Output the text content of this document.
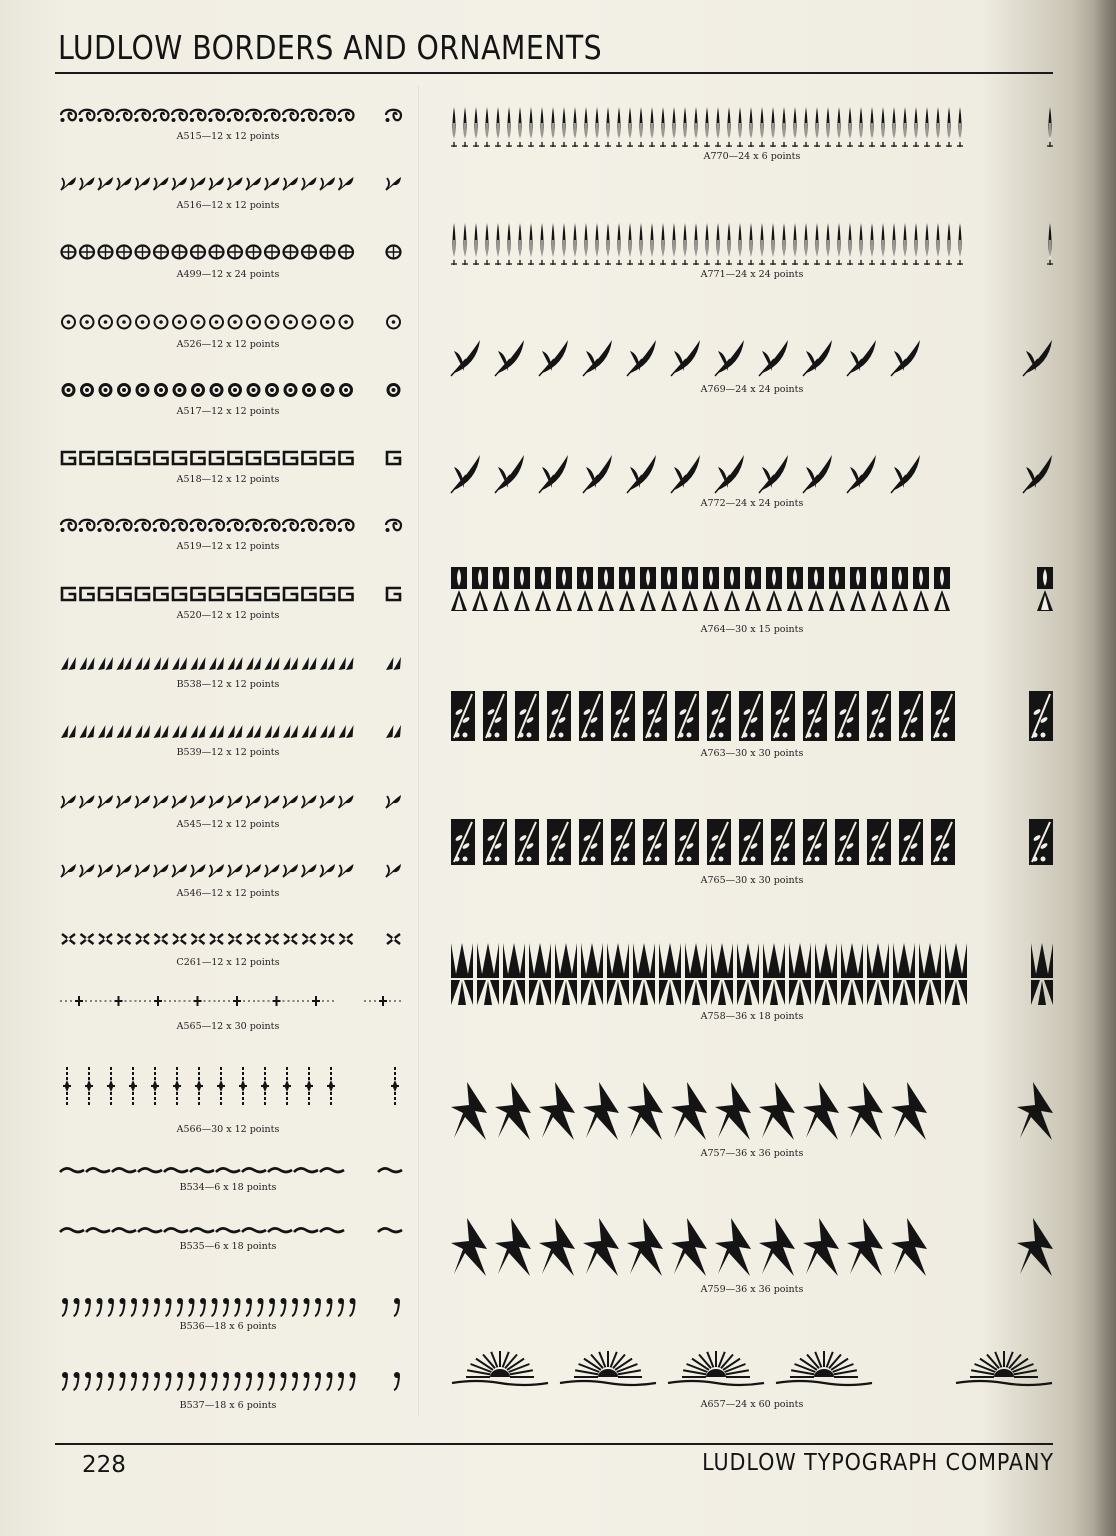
LUDLOW BORDERS AND ORNAMENTS
A515—12 x 12 points
A516—12 x 12 points
A499—12 x 24 points
A526—12 x 12 points
A517—12 x 12 points
A518—12 x 12 points
A519—12 x 12 points
A520—12 x 12 points
B538—12 x 12 points
B539—12 x 12 points
A545—12 x 12 points
A546—12 x 12 points
C261—12 x 12 points
A565—12 x 30 points
A566—30 x 12 points
B534—6 x 18 points
B535—6 x 18 points
B536—18 x 6 points
B537—18 x 6 points
A770—24 x 6 points
A771—24 x 24 points
A769—24 x 24 points
A772—24 x 24 points
A764—30 x 15 points
A763—30 x 30 points
A765—30 x 30 points
A758—36 x 18 points
A757—36 x 36 points
A759—36 x 36 points
A657—24 x 60 points
228	LUDLOW TYPOGRAPH COMPANY
